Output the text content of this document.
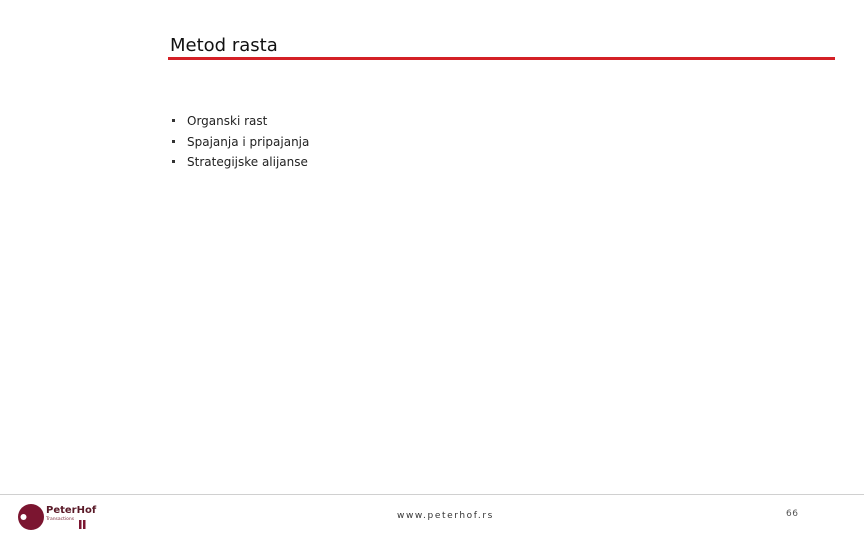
Metod rasta
Organski rast
Spajanja i pripajanja
Strategijske alijanse
PeterHof
Transactions	www.peterhof.rs	66
